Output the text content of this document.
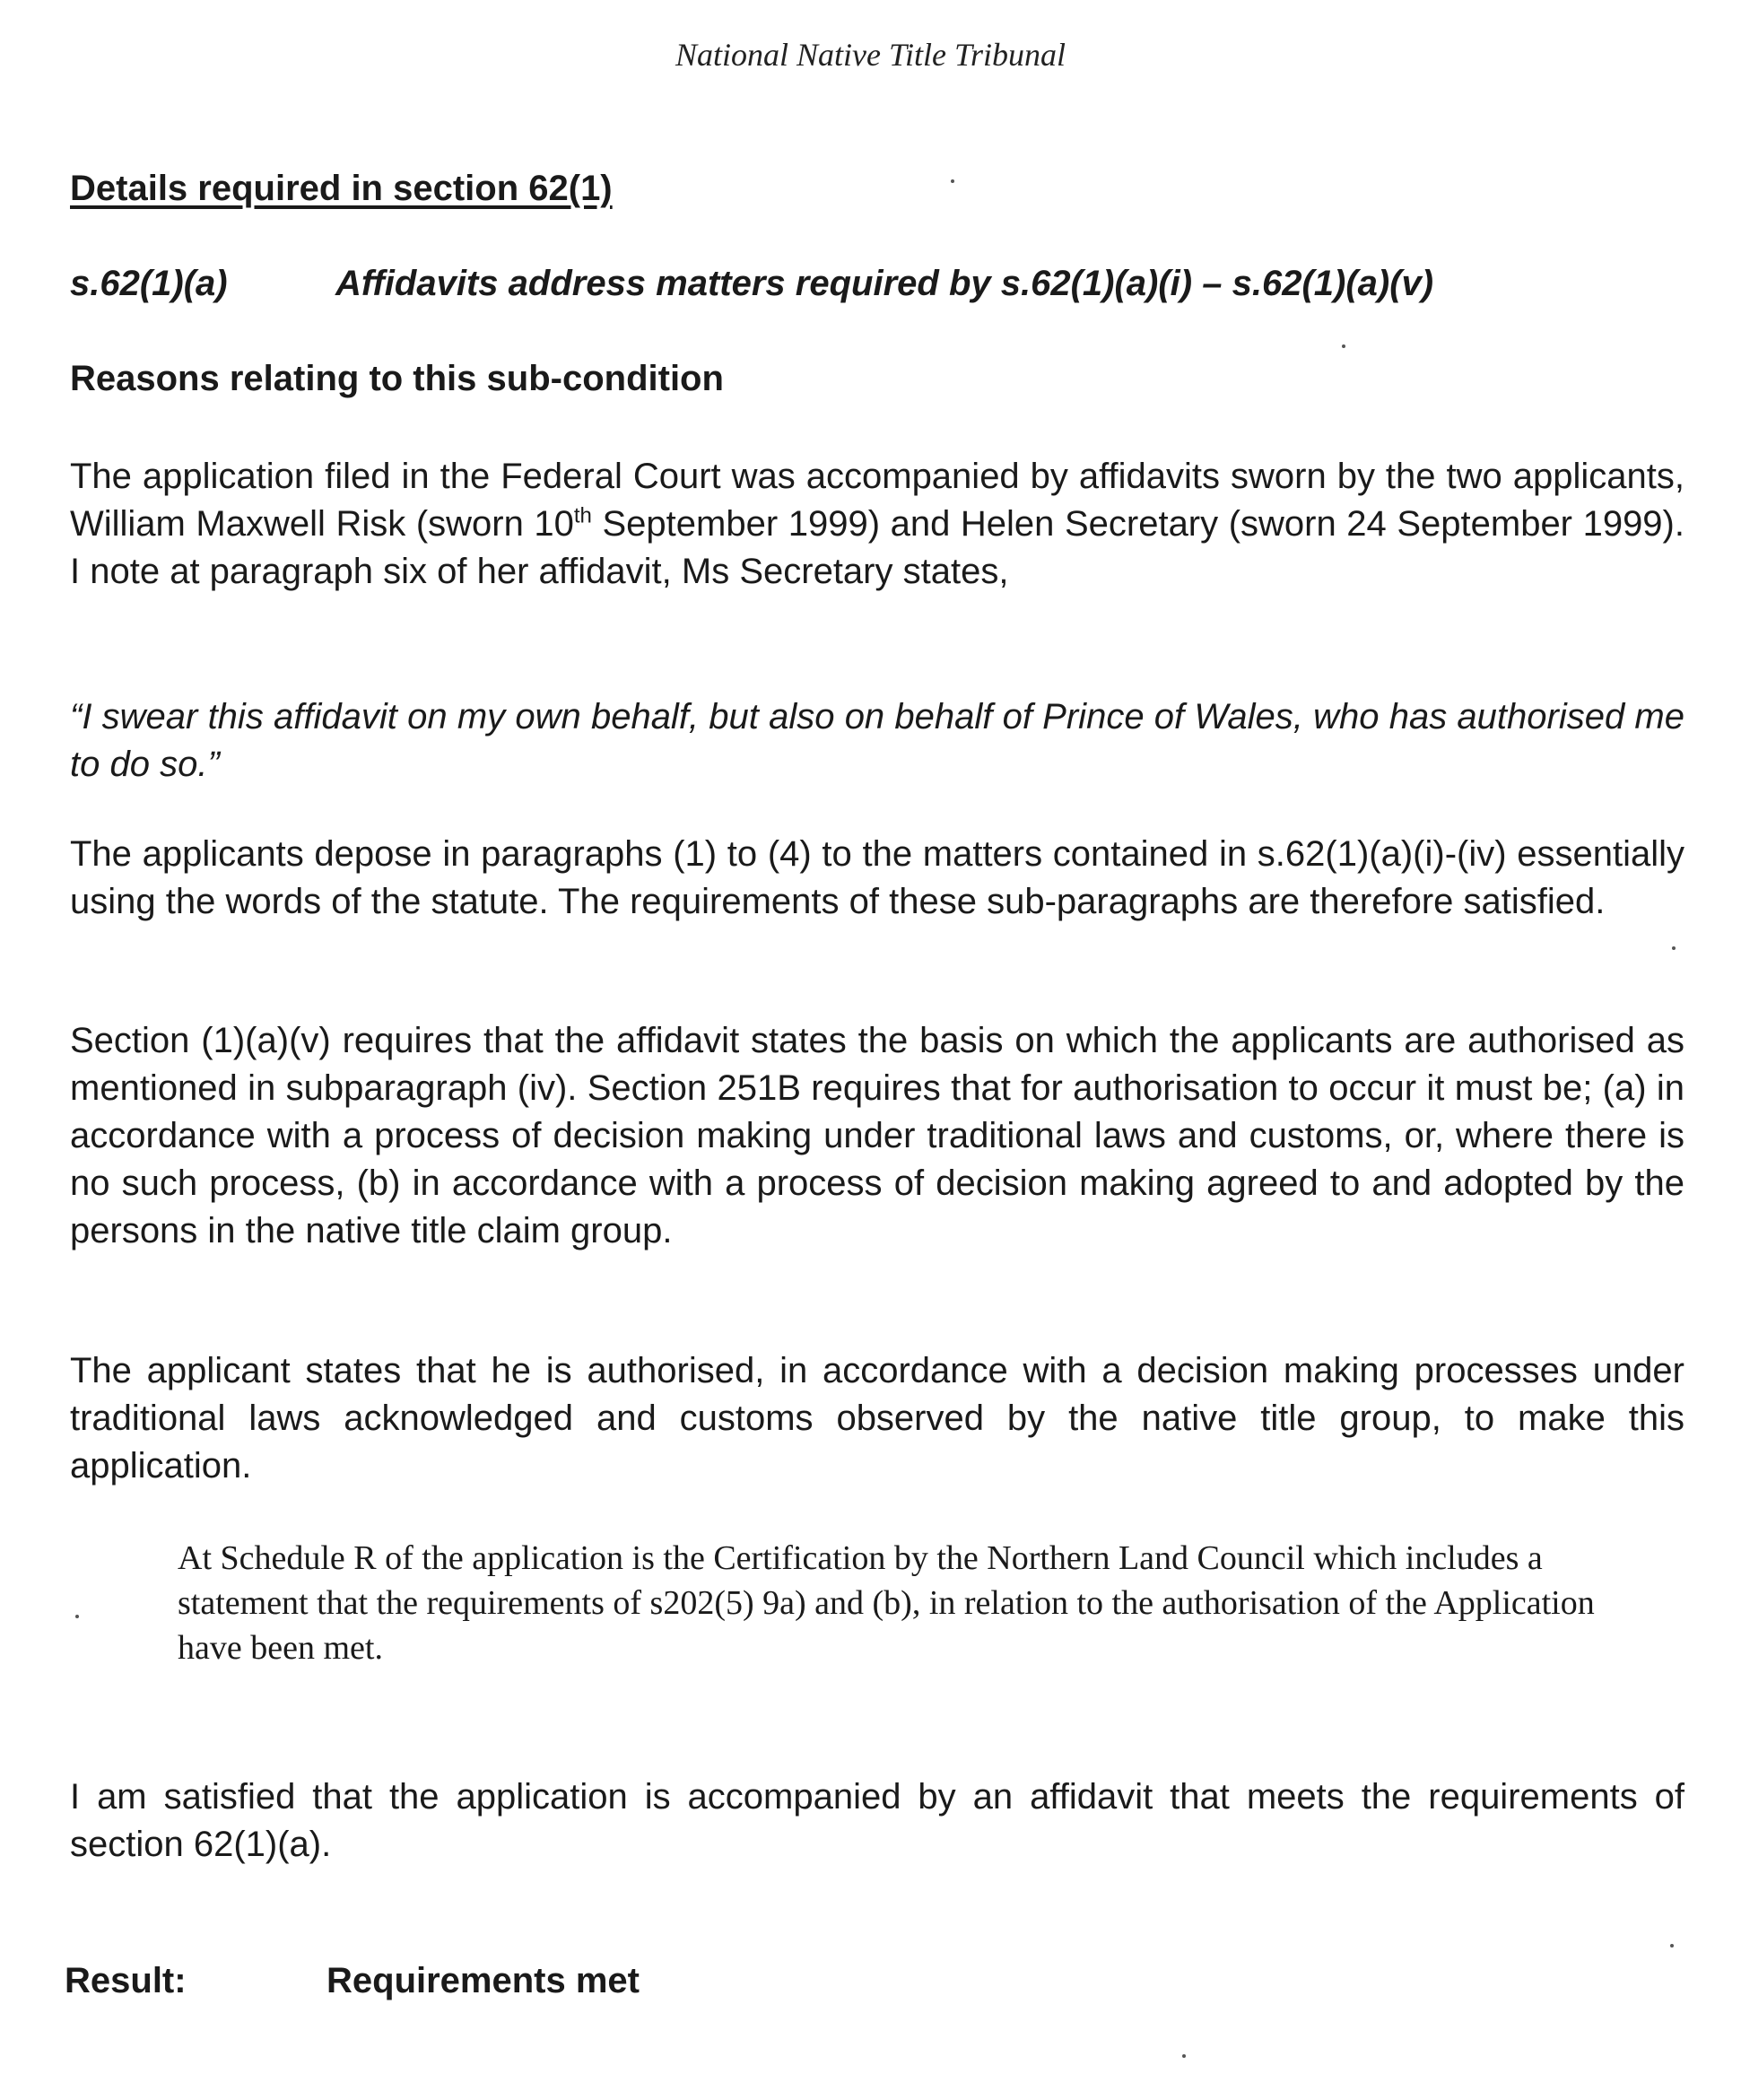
National Native Title Tribunal
Details required in section 62(1)
s.62(1)(a)	Affidavits address matters required by s.62(1)(a)(i) – s.62(1)(a)(v)
Reasons relating to this sub-condition

The application filed in the Federal Court was accompanied by affidavits sworn by the two applicants, William Maxwell Risk (sworn 10th September 1999) and Helen Secretary (sworn 24 September 1999). I note at paragraph six of her affidavit, Ms Secretary states,

“I swear this affidavit on my own behalf, but also on behalf of Prince of Wales, who has authorised me to do so.”

The applicants depose in paragraphs (1) to (4) to the matters contained in s.62(1)(a)(i)-(iv) essentially using the words of the statute. The requirements of these sub-paragraphs are therefore satisfied.

Section (1)(a)(v) requires that the affidavit states the basis on which the applicants are authorised as mentioned in subparagraph (iv). Section 251B requires that for authorisation to occur it must be; (a) in accordance with a process of decision making under traditional laws and customs, or, where there is no such process, (b) in accordance with a process of decision making agreed to and adopted by the persons in the native title claim group.

The applicant states that he is authorised, in accordance with a decision making processes under traditional laws acknowledged and customs observed by the native title group, to make this application.

At Schedule R of the application is the Certification by the Northern Land Council which includes a statement that the requirements of s202(5) 9a) and (b), in relation to the authorisation of the Application have been met.

I am satisfied that the application is accompanied by an affidavit that meets the requirements of section 62(1)(a).

Result:	Requirements met
